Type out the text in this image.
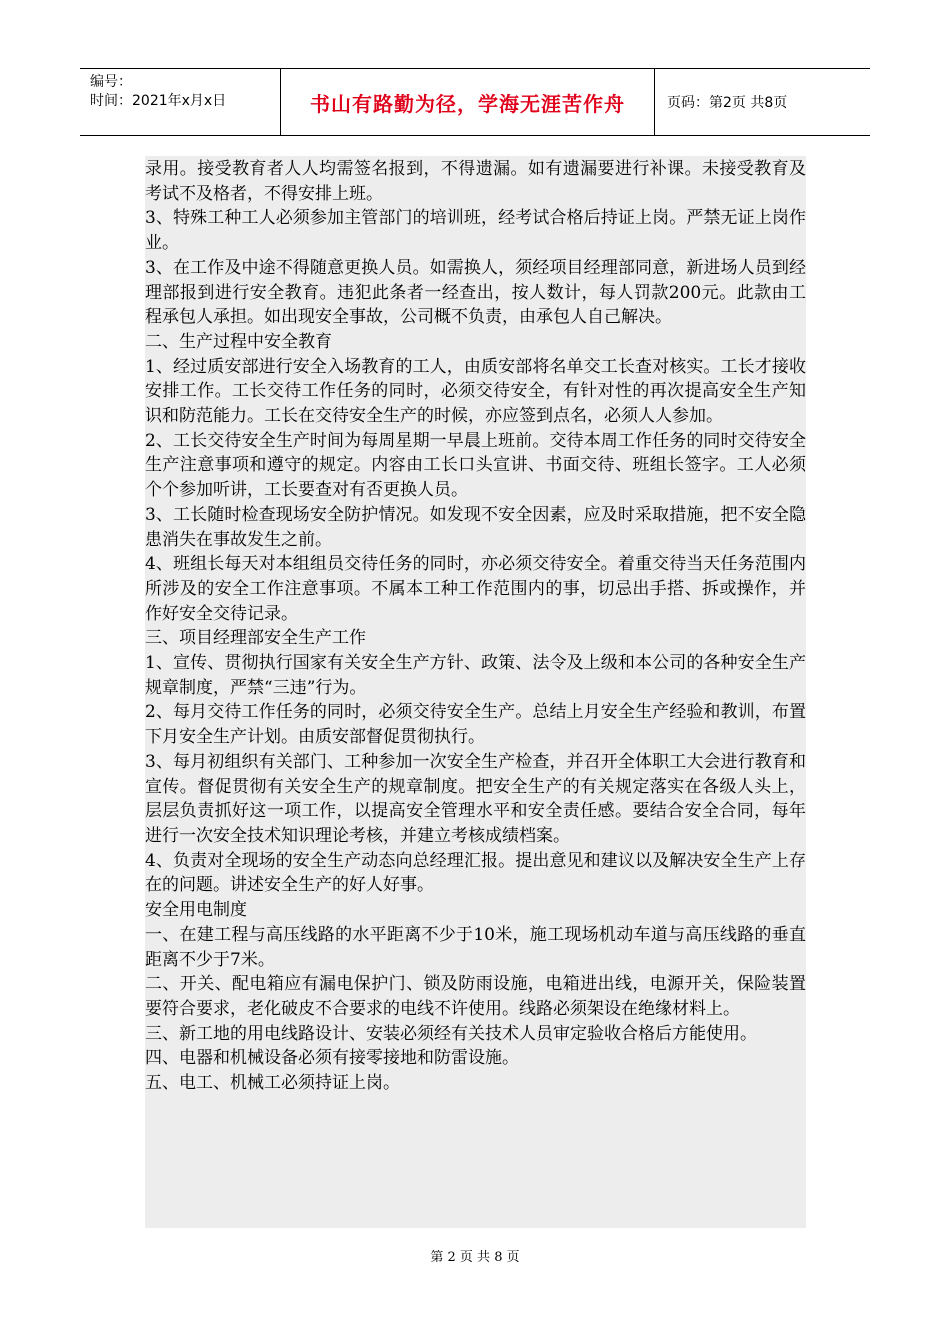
编号：
时间：2021年x月x日	书山有路勤为径，学海无涯苦作舟	页码：第2页 共8页

录用。接受教育者人人均需签名报到，不得遗漏。如有遗漏要进行补课。未接受教育及考试不及格者，不得安排上班。

3、特殊工种工人必须参加主管部门的培训班，经考试合格后持证上岗。严禁无证上岗作业。

3、在工作及中途不得随意更换人员。如需换人，须经项目经理部同意，新进场人员到经理部报到进行安全教育。违犯此条者一经查出，按人数计，每人罚款200元。此款由工程承包人承担。如出现安全事故，公司概不负责，由承包人自己解决。

二、生产过程中安全教育

1、经过质安部进行安全入场教育的工人，由质安部将名单交工长查对核实。工长才接收安排工作。工长交待工作任务的同时，必须交待安全，有针对性的再次提高安全生产知识和防范能力。工长在交待安全生产的时候，亦应签到点名，必须人人参加。

2、工长交待安全生产时间为每周星期一早晨上班前。交待本周工作任务的同时交待安全生产注意事项和遵守的规定。内容由工长口头宣讲、书面交待、班组长签字。工人必须个个参加听讲，工长要查对有否更换人员。

3、工长随时检查现场安全防护情况。如发现不安全因素，应及时采取措施，把不安全隐患消失在事故发生之前。

4、班组长每天对本组组员交待任务的同时，亦必须交待安全。着重交待当天任务范围内所涉及的安全工作注意事项。不属本工种工作范围内的事，切忌出手搭、拆或操作，并作好安全交待记录。

三、项目经理部安全生产工作

1、宣传、贯彻执行国家有关安全生产方针、政策、法令及上级和本公司的各种安全生产规章制度，严禁“三违”行为。

2、每月交待工作任务的同时，必须交待安全生产。总结上月安全生产经验和教训，布置下月安全生产计划。由质安部督促贯彻执行。

3、每月初组织有关部门、工种参加一次安全生产检查，并召开全体职工大会进行教育和宣传。督促贯彻有关安全生产的规章制度。把安全生产的有关规定落实在各级人头上，层层负责抓好这一项工作，以提高安全管理水平和安全责任感。要结合安全合同，每年进行一次安全技术知识理论考核，并建立考核成绩档案。

4、负责对全现场的安全生产动态向总经理汇报。提出意见和建议以及解决安全生产上存在的问题。讲述安全生产的好人好事。

安全用电制度

一、在建工程与高压线路的水平距离不少于10米，施工现场机动车道与高压线路的垂直距离不少于7米。

二、开关、配电箱应有漏电保护门、锁及防雨设施，电箱进出线，电源开关，保险装置要符合要求，老化破皮不合要求的电线不许使用。线路必须架设在绝缘材料上。

三、新工地的用电线路设计、安装必须经有关技术人员审定验收合格后方能使用。

四、电器和机械设备必须有接零接地和防雷设施。

五、电工、机械工必须持证上岗。

第 2 页 共 8 页
